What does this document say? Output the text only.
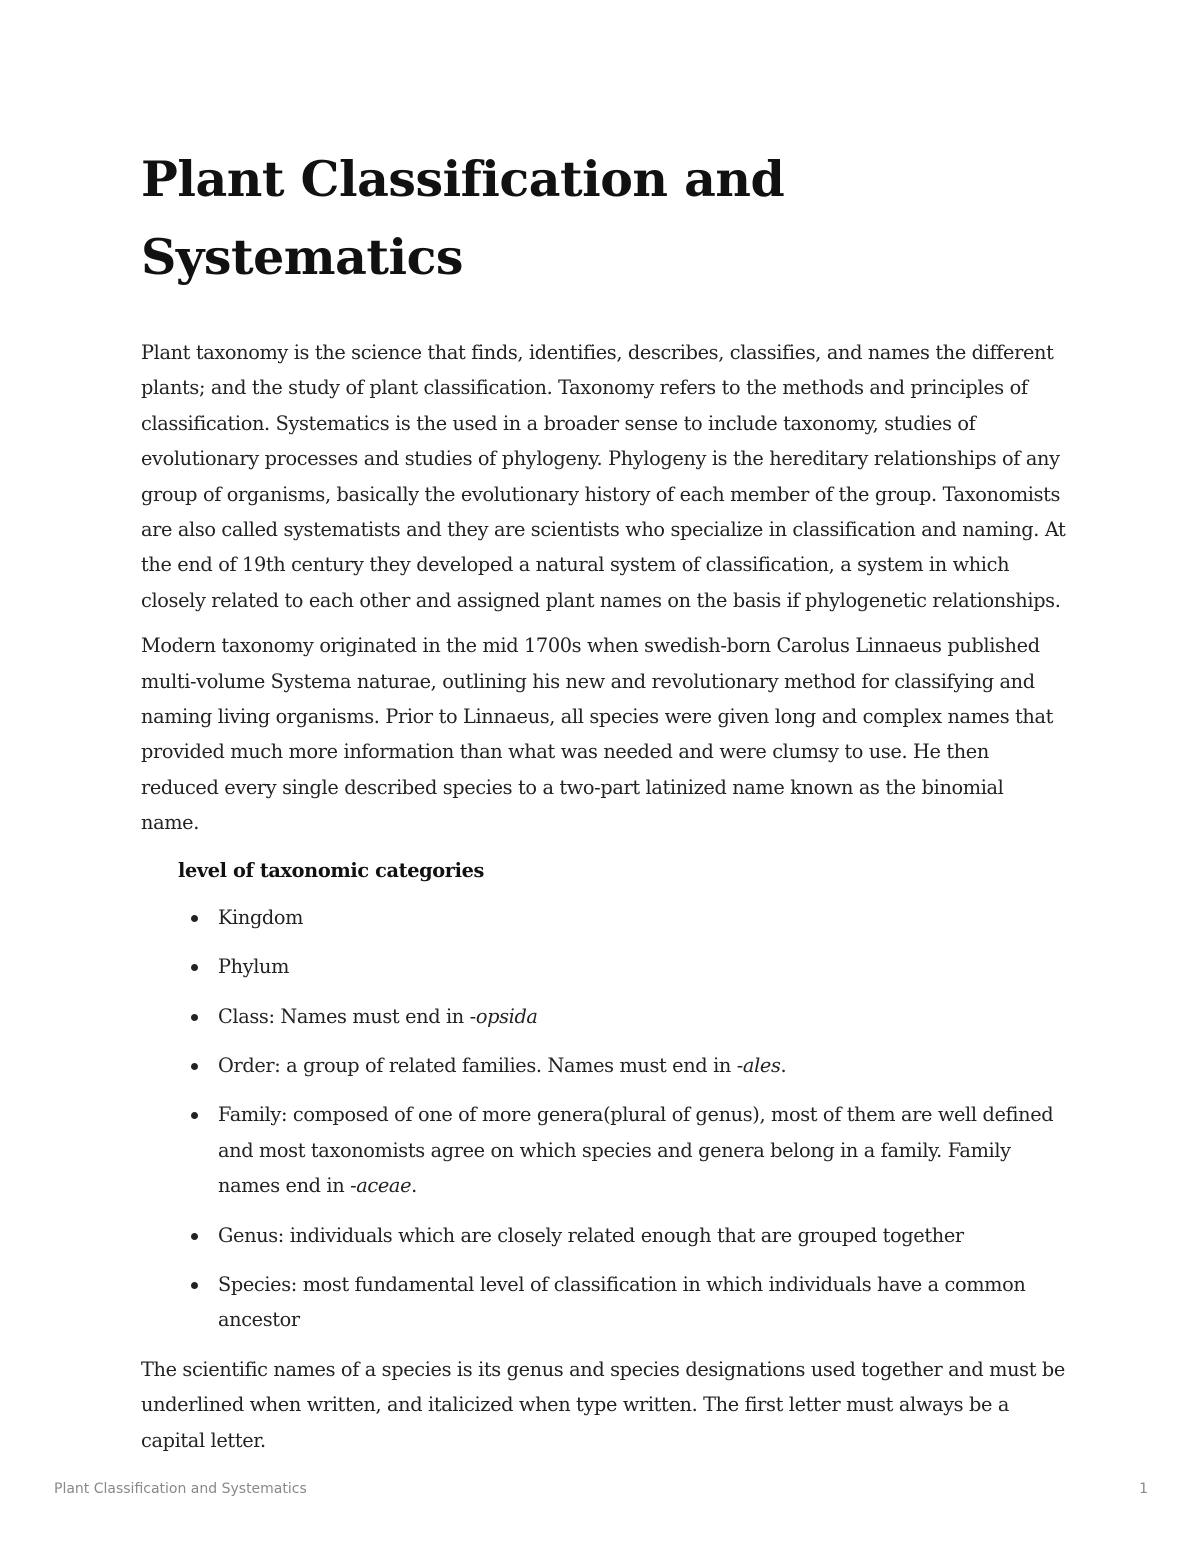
Plant Classification and Systematics

Plant taxonomy is the science that finds, identifies, describes, classifies, and names the different plants; and the study of plant classification. Taxonomy refers to the methods and principles of classification. Systematics is the used in a broader sense to include taxonomy, studies of evolutionary processes and studies of phylogeny. Phylogeny is the hereditary relationships of any group of organisms, basically the evolutionary history of each member of the group. Taxonomists are also called systematists and they are scientists who specialize in classification and naming. At the end of 19th century they developed a natural system of classification, a system in which closely related to each other and assigned plant names on the basis if phylogenetic relationships.

Modern taxonomy originated in the mid 1700s when swedish-born Carolus Linnaeus published multi-volume Systema naturae, outlining his new and revolutionary method for classifying and naming living organisms. Prior to Linnaeus, all species were given long and complex names that provided much more information than what was needed and were clumsy to use. He then reduced every single described species to a two-part latinized name known as the binomial name.

level of taxonomic categories
Kingdom
Phylum
Class: Names must end in -opsida
Order: a group of related families. Names must end in -ales.
Family: composed of one of more genera(plural of genus), most of them are well defined and most taxonomists agree on which species and genera belong in a family. Family names end in -aceae.
Genus: individuals which are closely related enough that are grouped together
Species: most fundamental level of classification in which individuals have a common ancestor

The scientific names of a species is its genus and species designations used together and must be underlined when written, and italicized when type written. The first letter must always be a capital letter.

Plant Classification and Systematics	1
